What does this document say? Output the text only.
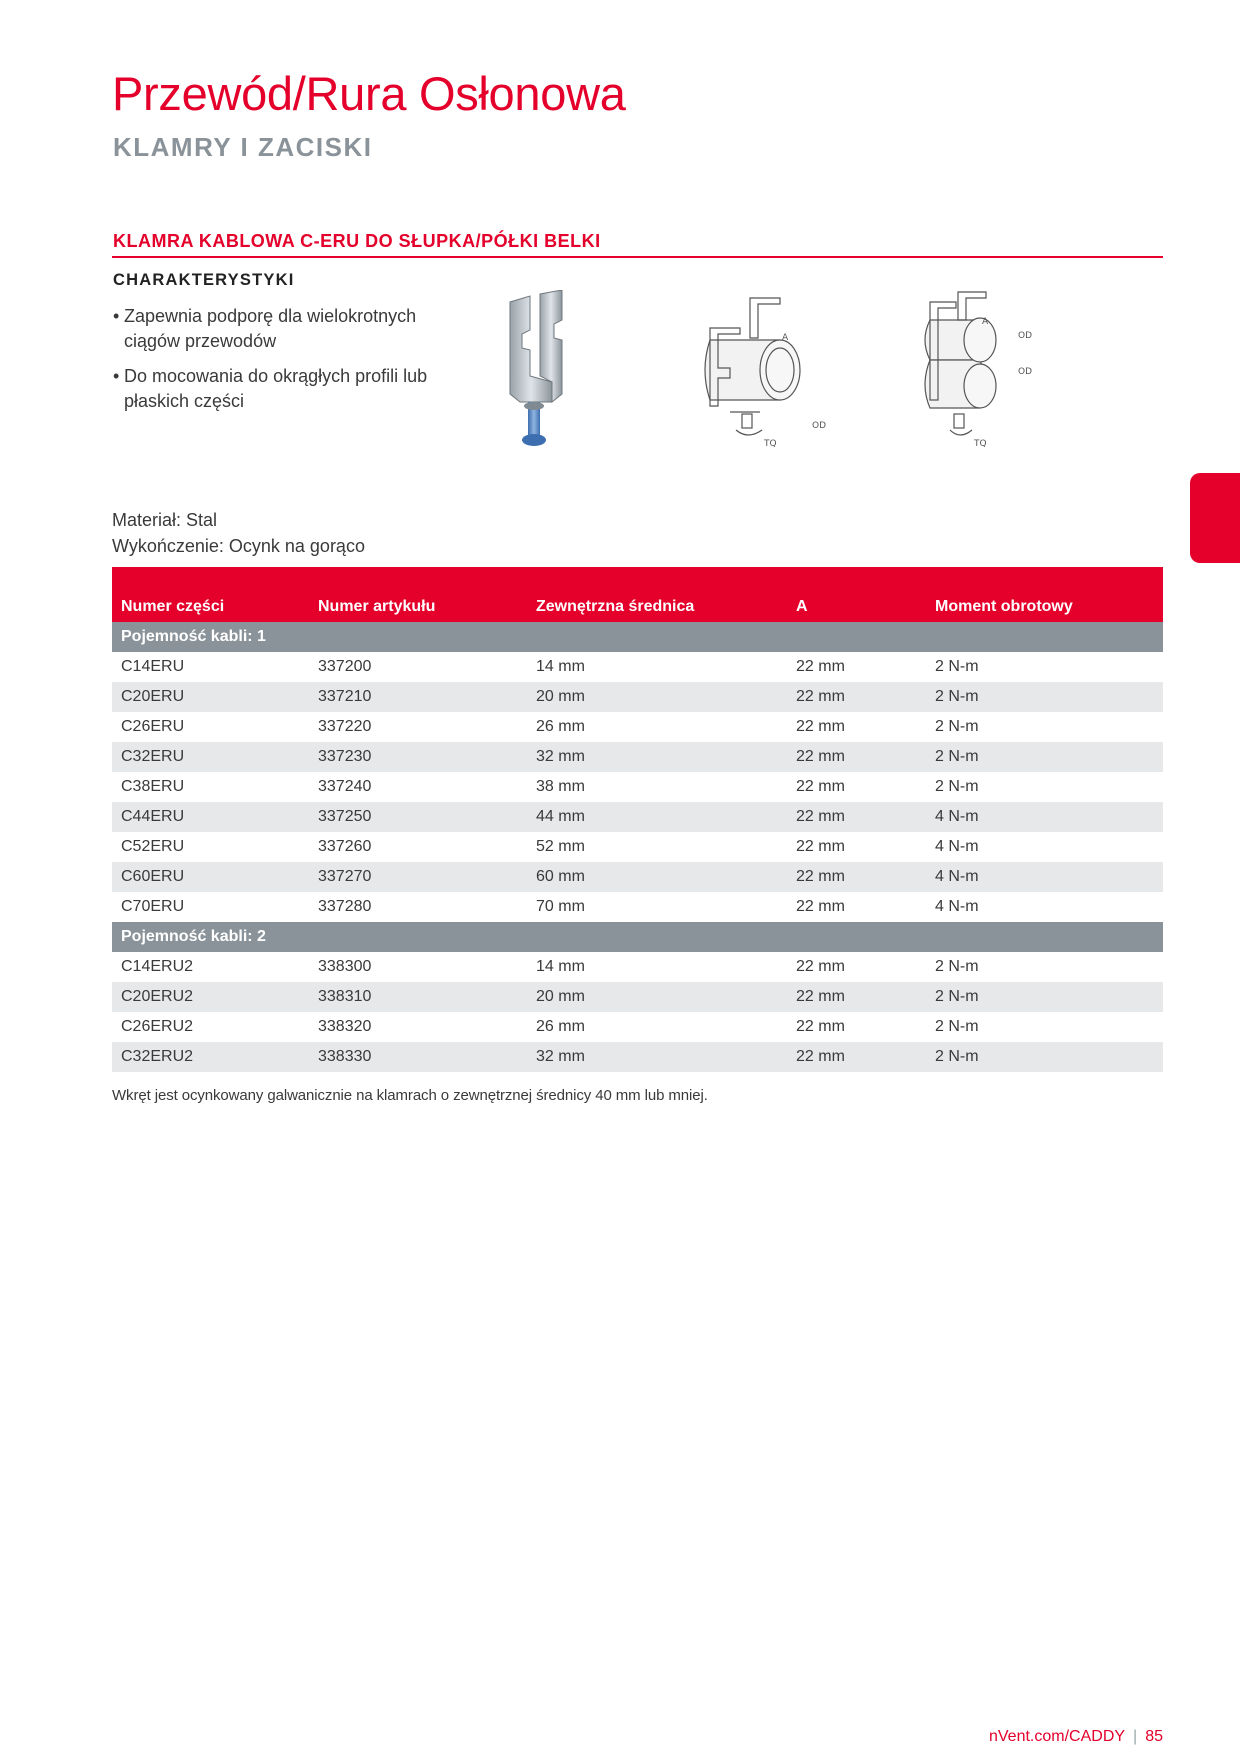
Przewód/Rura Osłonowa
KLAMRY I ZACISKI
KLAMRA KABLOWA C-ERU DO SŁUPKA/PÓŁKI BELKI
CHARAKTERYSTYKI
• Zapewnia podporę dla wielokrotnych ciągów przewodów
• Do mocowania do okrągłych profili lub płaskich części
A
OD
TQ
A
OD
OD
TQ
Materiał: Stal
Wykończenie: Ocynk na gorąco
Numer części	Numer artykułu	Zewnętrzna średnica	A	Moment obrotowy
Pojemność kabli: 1				
C14ERU	337200	14 mm	22 mm	2 N-m
C20ERU	337210	20 mm	22 mm	2 N-m
C26ERU	337220	26 mm	22 mm	2 N-m
C32ERU	337230	32 mm	22 mm	2 N-m
C38ERU	337240	38 mm	22 mm	2 N-m
C44ERU	337250	44 mm	22 mm	4 N-m
C52ERU	337260	52 mm	22 mm	4 N-m
C60ERU	337270	60 mm	22 mm	4 N-m
C70ERU	337280	70 mm	22 mm	4 N-m
Pojemność kabli: 2				
C14ERU2	338300	14 mm	22 mm	2 N-m
C20ERU2	338310	20 mm	22 mm	2 N-m
C26ERU2	338320	26 mm	22 mm	2 N-m
C32ERU2	338330	32 mm	22 mm	2 N-m
Wkręt jest ocynkowany galwanicznie na klamrach o zewnętrznej średnicy 40 mm lub mniej.
nVent.com/CADDY | 85
